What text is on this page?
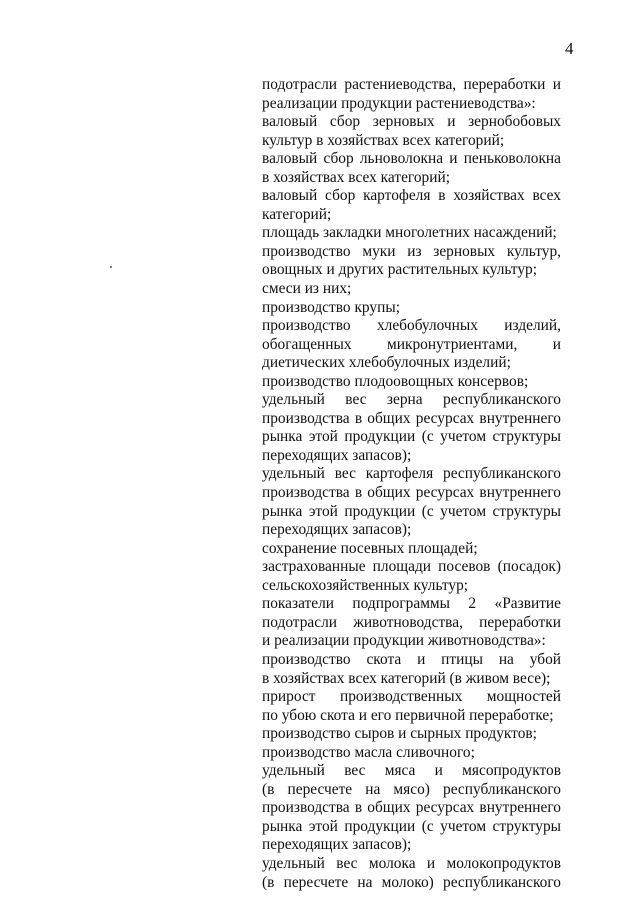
4
подотрасли растениеводства, переработки и
реализации продукции растениеводства»:
валовый сбор зерновых и зернобобовых
культур в хозяйствах всех категорий;
валовый сбор льноволокна и пеньковолокна
в хозяйствах всех категорий;
валовый сбор картофеля в хозяйствах всех
категорий;
площадь закладки многолетних насаждений;
производство муки из зерновых культур,
овощных и других растительных культур;
смеси из них;
производство крупы;
производство хлебобулочных изделий,
обогащенных микронутриентами, и
диетических хлебобулочных изделий;
производство плодоовощных консервов;
удельный вес зерна республиканского
производства в общих ресурсах внутреннего
рынка этой продукции (с учетом структуры
переходящих запасов);
удельный вес картофеля республиканского
производства в общих ресурсах внутреннего
рынка этой продукции (с учетом структуры
переходящих запасов);
сохранение посевных площадей;
застрахованные площади посевов (посадок)
сельскохозяйственных культур;
показатели подпрограммы 2 «Развитие
подотрасли животноводства, переработки
и реализации продукции животноводства»:
производство скота и птицы на убой
в хозяйствах всех категорий (в живом весе);
прирост производственных мощностей
по убою скота и его первичной переработке;
производство сыров и сырных продуктов;
производство масла сливочного;
удельный вес мяса и мясопродуктов
(в пересчете на мясо) республиканского
производства в общих ресурсах внутреннего
рынка этой продукции (с учетом структуры
переходящих запасов);
удельный вес молока и молокопродуктов
(в пересчете на молоко) республиканского
